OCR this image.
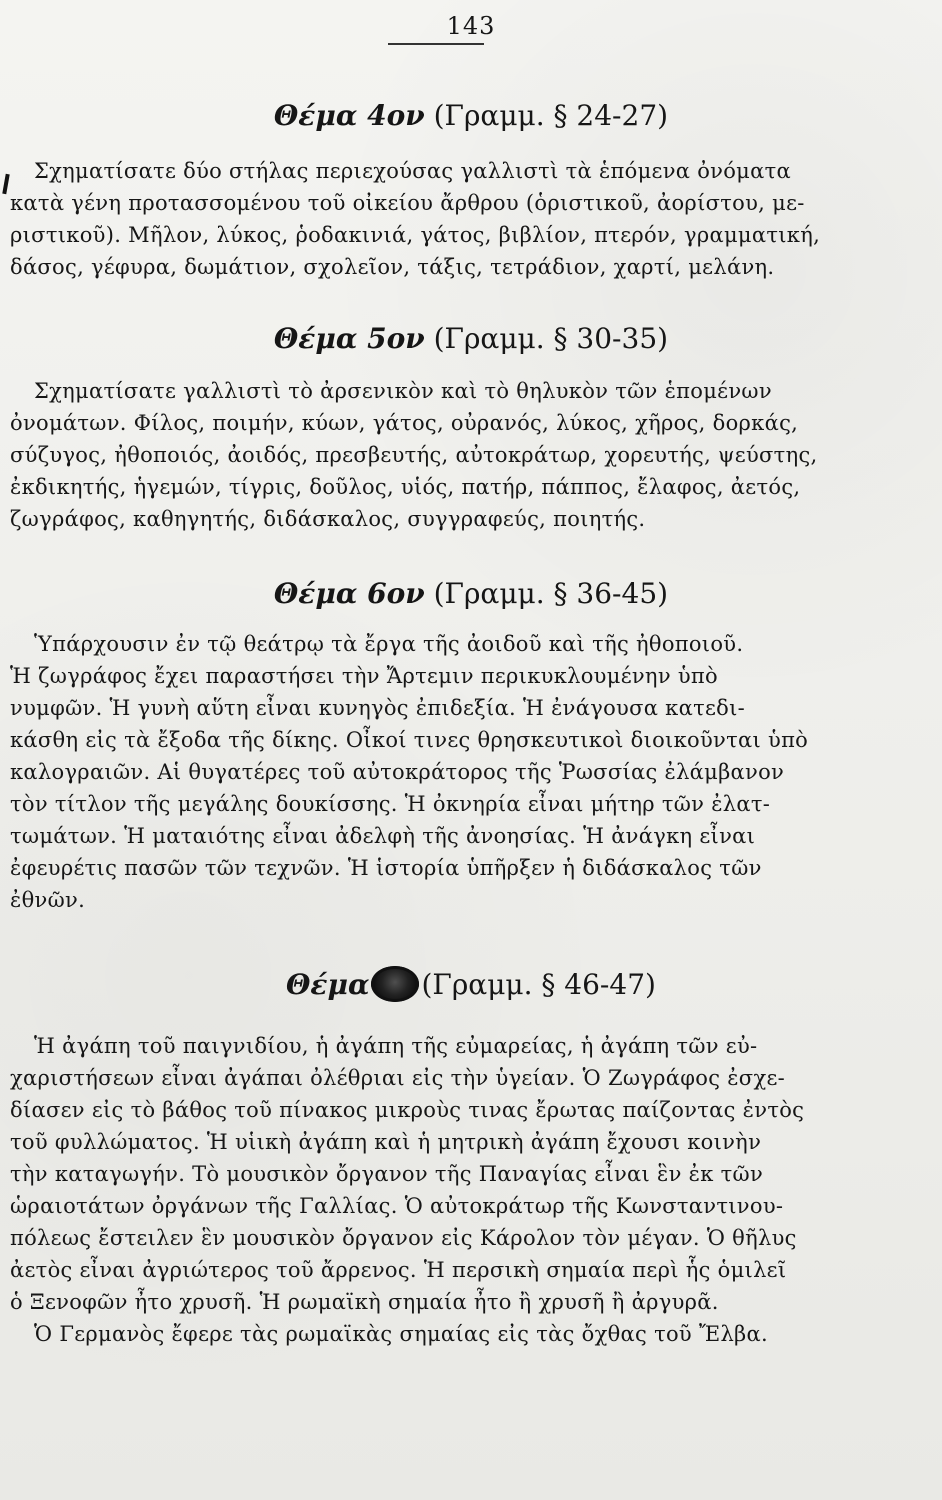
143
Θέμα 4ον (Γραμμ. § 24-27)
Σχηματίσατε δύο στήλας περιεχούσας γαλλιστὶ τὰ ἑπόμενα ὀνόματα
κατὰ γένη προτασσομένου τοῦ οἰκείου ἄρθρου (ὁριστικοῦ, ἀορίστου, με-
ριστικοῦ). Μῆλον, λύκος, ῥοδακινιά, γάτος, βιβλίον, πτερόν, γραμματική,
δάσος, γέφυρα, δωμάτιον, σχολεῖον, τάξις, τετράδιον, χαρτί, μελάνη.
Θέμα 5ον (Γραμμ. § 30-35)
Σχηματίσατε γαλλιστὶ τὸ ἀρσενικὸν καὶ τὸ θηλυκὸν τῶν ἑπομένων
ὀνομάτων. Φίλος, ποιμήν, κύων, γάτος, οὐρανός, λύκος, χῆρος, δορκάς,
σύζυγος, ἠθοποιός, ἀοιδός, πρεσβευτής, αὐτοκράτωρ, χορευτής, ψεύστης,
ἐκδικητής, ἡγεμών, τίγρις, δοῦλος, υἱός, πατήρ, πάππος, ἔλαφος, ἀετός,
ζωγράφος, καθηγητής, διδάσκαλος, συγγραφεύς, ποιητής.
Θέμα 6ον (Γραμμ. § 36-45)
Ὑπάρχουσιν ἐν τῷ θεάτρῳ τὰ ἔργα τῆς ἀοιδοῦ καὶ τῆς ἠθοποιοῦ.
Ἡ ζωγράφος ἔχει παραστήσει τὴν Ἄρτεμιν περικυκλουμένην ὑπὸ
νυμφῶν. Ἡ γυνὴ αὕτη εἶναι κυνηγὸς ἐπιδεξία. Ἡ ἐνάγουσα κατεδι-
κάσθη εἰς τὰ ἔξοδα τῆς δίκης. Οἶκοί τινες θρησκευτικοὶ διοικοῦνται ὑπὸ
καλογραιῶν. Αἱ θυγατέρες τοῦ αὐτοκράτορος τῆς Ῥωσσίας ἐλάμβανον
τὸν τίτλον τῆς μεγάλης δουκίσσης. Ἡ ὀκνηρία εἶναι μήτηρ τῶν ἐλατ-
τωμάτων. Ἡ ματαιότης εἶναι ἀδελφὴ τῆς ἀνοησίας. Ἡ ἀνάγκη εἶναι
ἐφευρέτις πασῶν τῶν τεχνῶν. Ἡ ἱστορία ὑπῆρξεν ἡ διδάσκαλος τῶν
ἐθνῶν.
Θέμα (Γραμμ. § 46-47)
Ἡ ἀγάπη τοῦ παιγνιδίου, ἡ ἀγάπη τῆς εὐμαρείας, ἡ ἀγάπη τῶν εὐ-
χαριστήσεων εἶναι ἀγάπαι ὀλέθριαι εἰς τὴν ὑγείαν. Ὁ Ζωγράφος ἐσχε-
δίασεν εἰς τὸ βάθος τοῦ πίνακος μικροὺς τινας ἔρωτας παίζοντας ἐντὸς
τοῦ φυλλώματος. Ἡ υἱικὴ ἀγάπη καὶ ἡ μητρικὴ ἀγάπη ἔχουσι κοινὴν
τὴν καταγωγήν. Τὸ μουσικὸν ὄργανον τῆς Παναγίας εἶναι ἓν ἐκ τῶν
ὡραιοτάτων ὀργάνων τῆς Γαλλίας. Ὁ αὐτοκράτωρ τῆς Κωνσταντινου-
πόλεως ἔστειλεν ἓν μουσικὸν ὄργανον εἰς Κάρολον τὸν μέγαν. Ὁ θῆλυς
ἀετὸς εἶναι ἀγριώτερος τοῦ ἄρρενος. Ἡ περσικὴ σημαία περὶ ἧς ὁμιλεῖ
ὁ Ξενοφῶν ἦτο χρυσῆ. Ἡ ρωμαϊκὴ σημαία ἦτο ἢ χρυσῆ ἢ ἀργυρᾶ.
Ὁ Γερμανὸς ἔφερε τὰς ρωμαϊκὰς σημαίας εἰς τὰς ὄχθας τοῦ Ἔλβα.
